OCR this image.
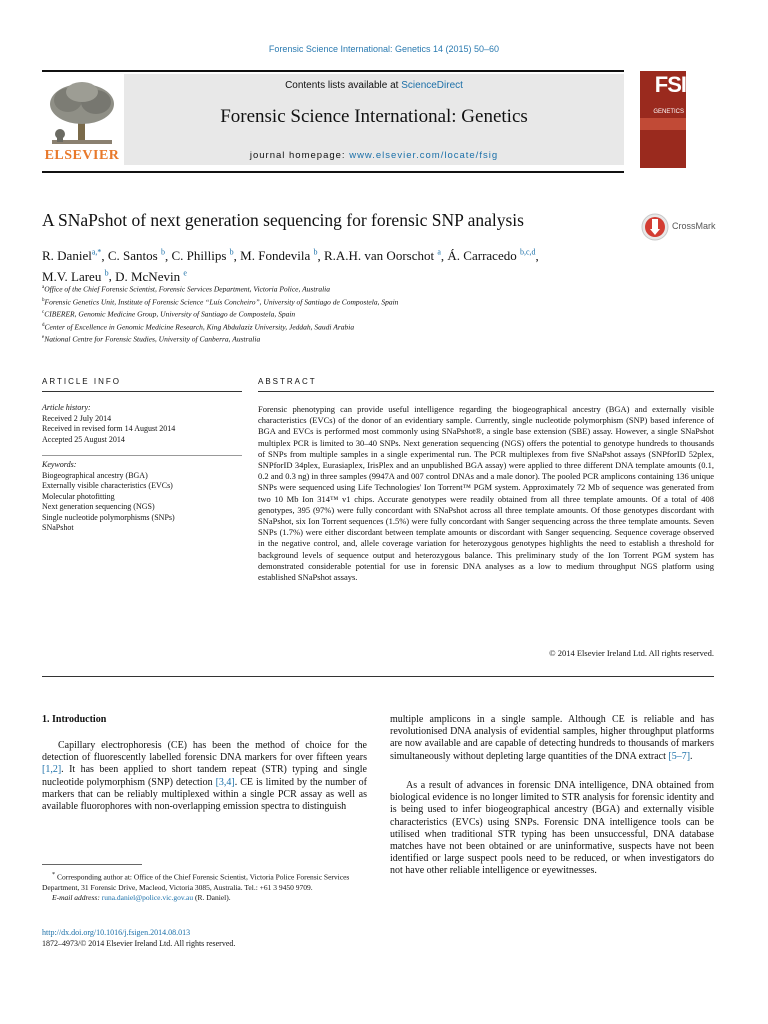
Forensic Science International: Genetics 14 (2015) 50–60
ELSEVIER
Contents lists available at ScienceDirect
Forensic Science International: Genetics
journal homepage: www.elsevier.com/locate/fsig
FSI
GENETICS
A SNaPshot of next generation sequencing for forensic SNP analysis	CrossMark
R. Daniel$^{a,*}$, C. Santos $^b$, C. Phillips $^b$, M. Fondevila $^b$, R.A.H. van Oorschot $^a$, Á. Carracedo $^{b,c,d}$,
M.V. Lareu $^b$, D. McNevin $^e$
$^a$Office of the Chief Forensic Scientist, Forensic Services Department, Victoria Police, Australia
$^b$Forensic Genetics Unit, Institute of Forensic Science “Luís Concheiro”, University of Santiago de Compostela, Spain
$^c$CIBERER, Genomic Medicine Group, University of Santiago de Compostela, Spain
$^d$Center of Excellence in Genomic Medicine Research, King Abdulaziz University, Jeddah, Saudi Arabia
$^e$National Centre for Forensic Studies, University of Canberra, Australia
ARTICLE INFO	ABSTRACT
Article history:
Received 2 July 2014
Received in revised form 14 August 2014
Accepted 25 August 2014
Keywords:
Biogeographical ancestry (BGA)
Externally visible characteristics (EVCs)
Molecular photofitting
Next generation sequencing (NGS)
Single nucleotide polymorphisms (SNPs)
SNaPshot
Forensic phenotyping can provide useful intelligence regarding the biogeographical ancestry (BGA) and externally visible characteristics (EVCs) of the donor of an evidentiary sample. Currently, single nucleotide polymorphism (SNP) based inference of BGA and EVCs is performed most commonly using SNaPshot®, a single base extension (SBE) assay. However, a single SNaPshot multiplex PCR is limited to 30–40 SNPs. Next generation sequencing (NGS) offers the potential to genotype hundreds to thousands of SNPs from multiple samples in a single experimental run. The PCR multiplexes from five SNaPshot assays (SNPforID 52plex, SNPforID 34plex, Eurasiaplex, IrisPlex and an unpublished BGA assay) were applied to three different DNA template amounts (0.1, 0.2 and 0.3 ng) in three samples (9947A and 007 control DNAs and a male donor). The pooled PCR amplicons containing 136 unique SNPs were sequenced using Life Technologies' Ion Torrent™ PGM system. Approximately 72 Mb of sequence was generated from two 10 Mb Ion 314™ v1 chips. Accurate genotypes were readily obtained from all three template amounts. Of a total of 408 genotypes, 395 (97%) were fully concordant with SNaPshot across all three template amounts. Of those genotypes discordant with SNaPshot, six Ion Torrent sequences (1.5%) were fully concordant with Sanger sequencing across the three template amounts. Seven SNPs (1.7%) were either discordant between template amounts or discordant with Sanger sequencing. Sequence coverage observed in the negative control, and, allele coverage variation for heterozygous genotypes highlights the need to establish a threshold for background levels of sequence output and heterozygous balance. This preliminary study of the Ion Torrent PGM system has demonstrated considerable potential for use in forensic DNA analyses as a low to medium throughput NGS platform using established SNaPshot assays.
© 2014 Elsevier Ireland Ltd. All rights reserved.
1. Introduction
Capillary electrophoresis (CE) has been the method of choice for the detection of fluorescently labelled forensic DNA markers for over fifteen years [1,2]. It has been applied to short tandem repeat (STR) typing and single nucleotide polymorphism (SNP) detection [3,4]. CE is limited by the number of markers that can be reliably multiplexed within a single PCR assay as well as available fluorophores with non-overlapping emission spectra to distinguish
multiple amplicons in a single sample. Although CE is reliable and has revolutionised DNA analysis of evidential samples, higher throughput platforms are now available and are capable of detecting hundreds to thousands of markers simultaneously without depleting large quantities of the DNA extract [5–7].
As a result of advances in forensic DNA intelligence, DNA obtained from biological evidence is no longer limited to STR analysis for forensic identity and is being used to infer biogeographical ancestry (BGA) and externally visible characteristics (EVCs) using SNPs. Forensic DNA intelligence tools can be utilised when traditional STR typing has been unsuccessful, DNA database matches have not been obtained or are uninformative, suspects have not been identified or large suspect pools need to be reduced, or when investigators do not have other reliable intelligence or eyewitnesses.
* Corresponding author at: Office of the Chief Forensic Scientist, Victoria Police Forensic Services Department, 31 Forensic Drive, Macleod, Victoria 3085, Australia. Tel.: +61 3 9450 9709.
E-mail address: runa.daniel@police.vic.gov.au (R. Daniel).
http://dx.doi.org/10.1016/j.fsigen.2014.08.013
1872–4973/© 2014 Elsevier Ireland Ltd. All rights reserved.
